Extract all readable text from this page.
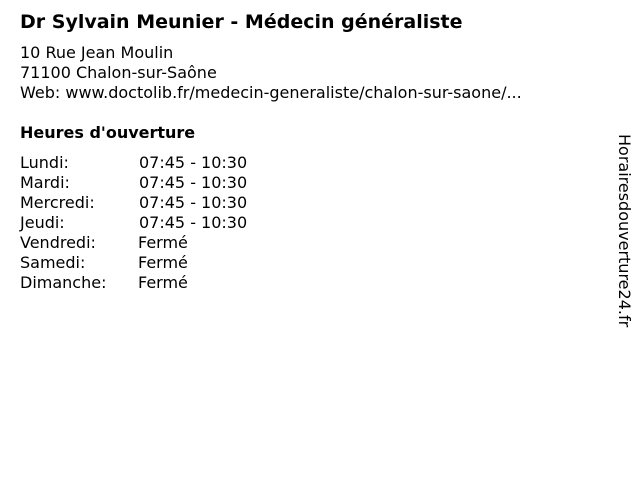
Dr Sylvain Meunier - Médecin généraliste
10 Rue Jean Moulin
71100 Chalon-sur-Saône
Web: www.doctolib.fr/medecin-generaliste/chalon-sur-saone/...
Heures d'ouverture
Lundi:	07:45 - 10:30
Mardi:	07:45 - 10:30
Mercredi:	07:45 - 10:30
Jeudi:	07:45 - 10:30
Vendredi:	Fermé
Samedi:	Fermé
Dimanche: Fermé	Horairesdouverture24.fr
